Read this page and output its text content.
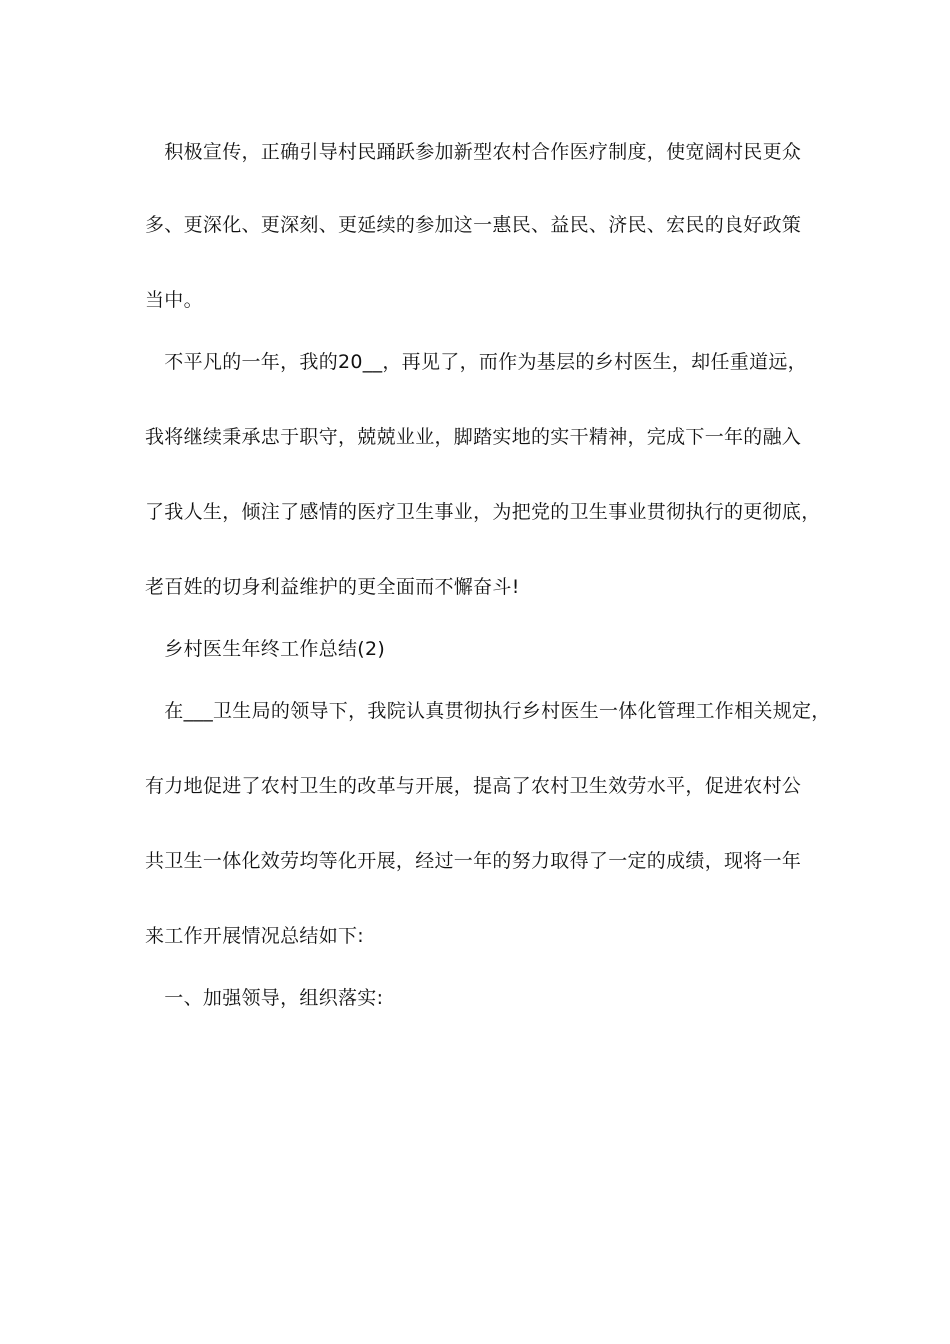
　积极宣传，正确引导村民踊跃参加新型农村合作医疗制度，使宽阔村民更众
多、更深化、更深刻、更延续的参加这一惠民、益民、济民、宏民的良好政策
当中。
　不平凡的一年，我的20__，再见了，而作为基层的乡村医生，却任重道远，
我将继续秉承忠于职守，兢兢业业，脚踏实地的实干精神，完成下一年的融入
了我人生，倾注了感情的医疗卫生事业，为把党的卫生事业贯彻执行的更彻底，
老百姓的切身利益维护的更全面而不懈奋斗!
　乡村医生年终工作总结(2)
　在___卫生局的领导下，我院认真贯彻执行乡村医生一体化管理工作相关规定，
有力地促进了农村卫生的改革与开展，提高了农村卫生效劳水平，促进农村公
共卫生一体化效劳均等化开展，经过一年的努力取得了一定的成绩，现将一年
来工作开展情况总结如下:
　一、加强领导，组织落实:
